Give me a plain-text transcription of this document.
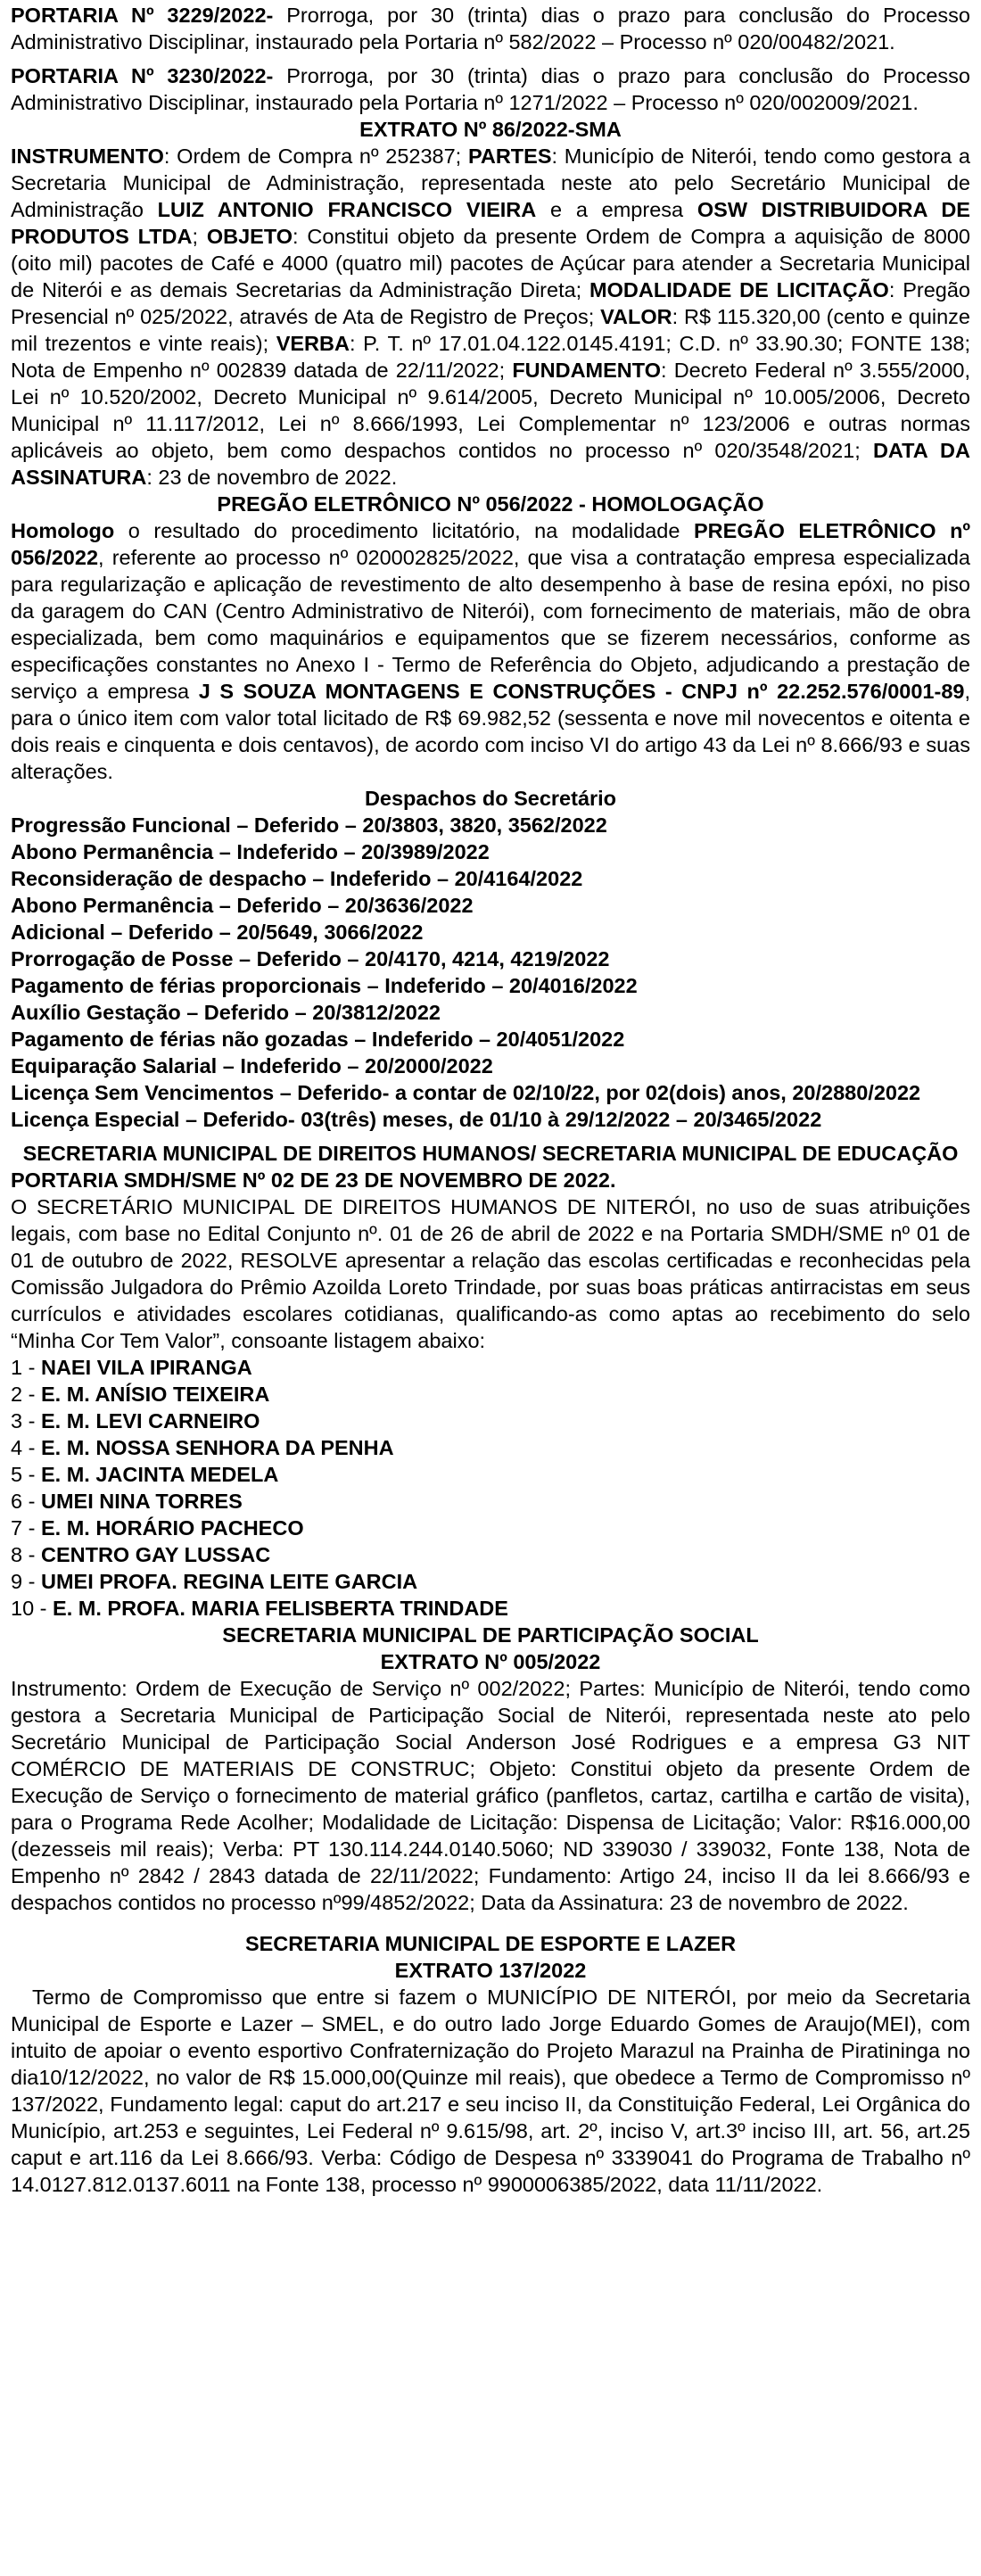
PORTARIA Nº 3229/2022- Prorroga, por 30 (trinta) dias o prazo para conclusão do Processo Administrativo Disciplinar, instaurado pela Portaria nº 582/2022 – Processo nº 020/00482/2021.

PORTARIA Nº 3230/2022- Prorroga, por 30 (trinta) dias o prazo para conclusão do Processo Administrativo Disciplinar, instaurado pela Portaria nº 1271/2022 – Processo nº 020/002009/2021.

EXTRATO Nº 86/2022-SMA

INSTRUMENTO: Ordem de Compra nº 252387; PARTES: Município de Niterói, tendo como gestora a Secretaria Municipal de Administração, representada neste ato pelo Secretário Municipal de Administração LUIZ ANTONIO FRANCISCO VIEIRA e a empresa OSW DISTRIBUIDORA DE PRODUTOS LTDA; OBJETO: Constitui objeto da presente Ordem de Compra a aquisição de 8000 (oito mil) pacotes de Café e 4000 (quatro mil) pacotes de Açúcar para atender a Secretaria Municipal de Niterói e as demais Secretarias da Administração Direta; MODALIDADE DE LICITAÇÃO: Pregão Presencial nº 025/2022, através de Ata de Registro de Preços; VALOR: R$ 115.320,00 (cento e quinze mil trezentos e vinte reais); VERBA: P. T. nº 17.01.04.122.0145.4191; C.D. nº 33.90.30; FONTE 138; Nota de Empenho nº 002839 datada de 22/11/2022; FUNDAMENTO: Decreto Federal nº 3.555/2000, Lei nº 10.520/2002, Decreto Municipal nº 9.614/2005, Decreto Municipal nº 10.005/2006, Decreto Municipal nº 11.117/2012, Lei nº 8.666/1993, Lei Complementar nº 123/2006 e outras normas aplicáveis ao objeto, bem como despachos contidos no processo nº 020/3548/2021; DATA DA ASSINATURA: 23 de novembro de 2022.

PREGÃO ELETRÔNICO Nº 056/2022 - HOMOLOGAÇÃO

Homologo o resultado do procedimento licitatório, na modalidade PREGÃO ELETRÔNICO nº 056/2022, referente ao processo nº 020002825/2022, que visa a contratação empresa especializada para regularização e aplicação de revestimento de alto desempenho à base de resina epóxi, no piso da garagem do CAN (Centro Administrativo de Niterói), com fornecimento de materiais, mão de obra especializada, bem como maquinários e equipamentos que se fizerem necessários, conforme as especificações constantes no Anexo I - Termo de Referência do Objeto, adjudicando a prestação de serviço a empresa J S SOUZA MONTAGENS E CONSTRUÇÕES - CNPJ nº 22.252.576/0001-89, para o único item com valor total licitado de R$ 69.982,52 (sessenta e nove mil novecentos e oitenta e dois reais e cinquenta e dois centavos), de acordo com inciso VI do artigo 43 da Lei nº 8.666/93 e suas alterações.

Despachos do Secretário

Progressão Funcional – Deferido – 20/3803, 3820, 3562/2022

Abono Permanência – Indeferido – 20/3989/2022

Reconsideração de despacho – Indeferido – 20/4164/2022

Abono Permanência – Deferido – 20/3636/2022

Adicional – Deferido – 20/5649, 3066/2022

Prorrogação de Posse – Deferido – 20/4170, 4214, 4219/2022

Pagamento de férias proporcionais – Indeferido – 20/4016/2022

Auxílio Gestação – Deferido – 20/3812/2022

Pagamento de férias não gozadas – Indeferido – 20/4051/2022

Equiparação Salarial – Indeferido – 20/2000/2022

Licença Sem Vencimentos – Deferido- a contar de 02/10/22, por 02(dois) anos, 20/2880/2022

Licença Especial – Deferido- 03(três) meses, de 01/10 à 29/12/2022 – 20/3465/2022

SECRETARIA MUNICIPAL DE DIREITOS HUMANOS/ SECRETARIA MUNICIPAL DE EDUCAÇÃO

PORTARIA SMDH/SME Nº 02 DE 23 DE NOVEMBRO DE 2022.

O SECRETÁRIO MUNICIPAL DE DIREITOS HUMANOS DE NITERÓI, no uso de suas atribuições legais, com base no Edital Conjunto nº. 01 de 26 de abril de 2022 e na Portaria SMDH/SME nº 01 de 01 de outubro de 2022, RESOLVE apresentar a relação das escolas certificadas e reconhecidas pela Comissão Julgadora do Prêmio Azoilda Loreto Trindade, por suas boas práticas antirracistas em seus currículos e atividades escolares cotidianas, qualificando-as como aptas ao recebimento do selo “Minha Cor Tem Valor”, consoante listagem abaixo:

1 - NAEI VILA IPIRANGA

2 - E. M. ANÍSIO TEIXEIRA

3 - E. M. LEVI CARNEIRO

4 - E. M. NOSSA SENHORA DA PENHA

5 - E. M. JACINTA MEDELA

6 - UMEI NINA TORRES

7 - E. M. HORÁRIO PACHECO

8 - CENTRO GAY LUSSAC

9 - UMEI PROFA. REGINA LEITE GARCIA

10 - E. M. PROFA. MARIA FELISBERTA TRINDADE

SECRETARIA MUNICIPAL DE PARTICIPAÇÃO SOCIAL

EXTRATO Nº 005/2022

Instrumento: Ordem de Execução de Serviço nº 002/2022; Partes: Município de Niterói, tendo como gestora a Secretaria Municipal de Participação Social de Niterói, representada neste ato pelo Secretário Municipal de Participação Social Anderson José Rodrigues e a empresa G3 NIT COMÉRCIO DE MATERIAIS DE CONSTRUC; Objeto: Constitui objeto da presente Ordem de Execução de Serviço o fornecimento de material gráfico (panfletos, cartaz, cartilha e cartão de visita), para o Programa Rede Acolher; Modalidade de Licitação: Dispensa de Licitação; Valor: R$16.000,00 (dezesseis mil reais); Verba: PT 130.114.244.0140.5060; ND 339030 / 339032, Fonte 138, Nota de Empenho nº 2842 / 2843 datada de 22/11/2022; Fundamento: Artigo 24, inciso II da lei 8.666/93 e despachos contidos no processo nº99/4852/2022; Data da Assinatura: 23 de novembro de 2022.

SECRETARIA MUNICIPAL DE ESPORTE E LAZER

EXTRATO 137/2022

Termo de Compromisso que entre si fazem o MUNICÍPIO DE NITERÓI, por meio da Secretaria Municipal de Esporte e Lazer – SMEL, e do outro lado Jorge Eduardo Gomes de Araujo(MEI), com intuito de apoiar o evento esportivo Confraternização do Projeto Marazul na Prainha de Piratininga no dia10/12/2022, no valor de R$ 15.000,00(Quinze mil reais), que obedece a Termo de Compromisso nº 137/2022, Fundamento legal: caput do art.217 e seu inciso II, da Constituição Federal, Lei Orgânica do Município, art.253 e seguintes, Lei Federal nº 9.615/98, art. 2º, inciso V, art.3º inciso III, art. 56, art.25 caput e art.116 da Lei 8.666/93. Verba: Código de Despesa nº 3339041 do Programa de Trabalho nº 14.0127.812.0137.6011 na Fonte 138, processo nº 9900006385/2022, data 11/11/2022.
